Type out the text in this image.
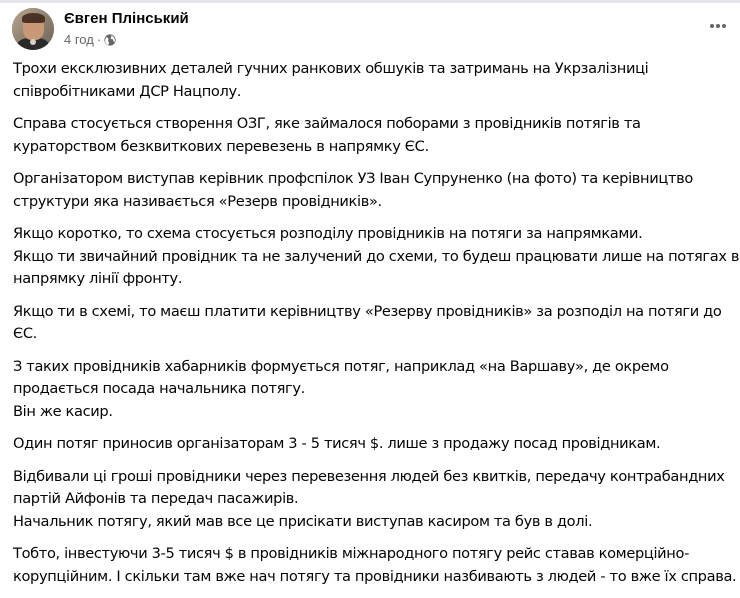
Євген Плінський
4 год ·

Трохи ексклюзивних деталей гучних ранкових обшуків та затримань на Укрзалізниці
співробітниками ДСР Нацполу.

Справа стосується створення ОЗГ, яке займалося поборами з провідників потягів та
кураторством безквиткових перевезень в напрямку ЄС.

Організатором виступав керівник профспілок УЗ Іван Супруненко (на фото) та керівництво
структури яка називається «Резерв провідників».

Якщо коротко, то схема стосується розподілу провідників на потяги за напрямками.
Якщо ти звичайний провідник та не залучений до схеми, то будеш працювати лише на потягах в
напрямку лінії фронту.

Якщо ти в схемі, то маєш платити керівництву «Резерву провідників» за розподіл на потяги до
ЄС.

З таких провідників хабарників формується потяг, наприклад «на Варшаву», де окремо
продається посада начальника потягу.
Він же касир.

Один потяг приносив організаторам 3 - 5 тисяч $. лише з продажу посад провідникам.

Відбивали ці гроші провідники через перевезення людей без квитків, передачу контрабандних
партій Айфонів та передач пасажирів.
Начальник потягу, який мав все це присікати виступав касиром та був в долі.

Тобто, інвестуючи 3-5 тисяч $ в провідників міжнародного потягу рейс ставав комерційно-
корупційним. І скільки там вже нач потягу та провідники назбивають з людей - то вже їх справа.
